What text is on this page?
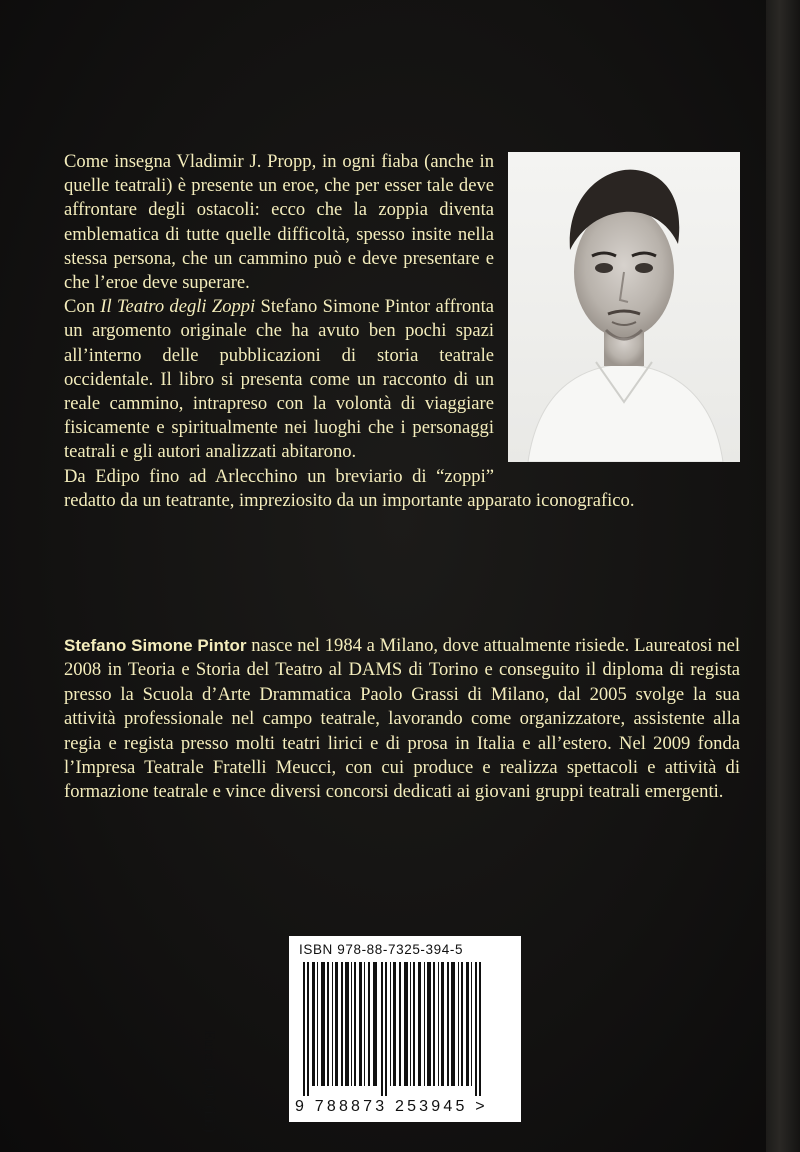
Come insegna Vladimir J. Propp, in ogni fiaba (anche in quelle teatrali) è presente un eroe, che per esser tale deve affrontare degli ostacoli: ecco che la zoppia diventa emblematica di tutte quelle difficoltà, spesso insite nella stessa persona, che un cammino può e deve presentare e che l’eroe deve superare.

Con Il Teatro degli Zoppi Stefano Simone Pintor affronta un argomento originale che ha avuto ben pochi spazi all’interno delle pubblicazioni di storia teatrale occidentale. Il libro si presenta come un racconto di un reale cammino, intrapreso con la volontà di viaggiare fisicamente e spiritualmente nei luoghi che i personaggi teatrali e gli autori analizzati abitarono.

Da Edipo fino ad Arlecchino un breviario di “zoppi” redatto da un teatrante, impreziosito da un importante apparato iconografico.

Stefano Simone Pintor nasce nel 1984 a Milano, dove attualmente risiede. Laureatosi nel 2008 in Teoria e Storia del Teatro al DAMS di Torino e conseguito il diploma di regista presso la Scuola d’Arte Drammatica Paolo Grassi di Milano, dal 2005 svolge la sua attività professionale nel campo teatrale, lavorando come organizzatore, assistente alla regia e regista presso molti teatri lirici e di prosa in Italia e all’estero. Nel 2009 fonda l’Impresa Teatrale Fratelli Meucci, con cui produce e realizza spettacoli e attività di formazione teatrale e vince diversi concorsi dedicati ai giovani gruppi teatrali emergenti.

ISBN 978-88-7325-394-5
9 788873 253945 >
Euro 15,00 (i.i.)
